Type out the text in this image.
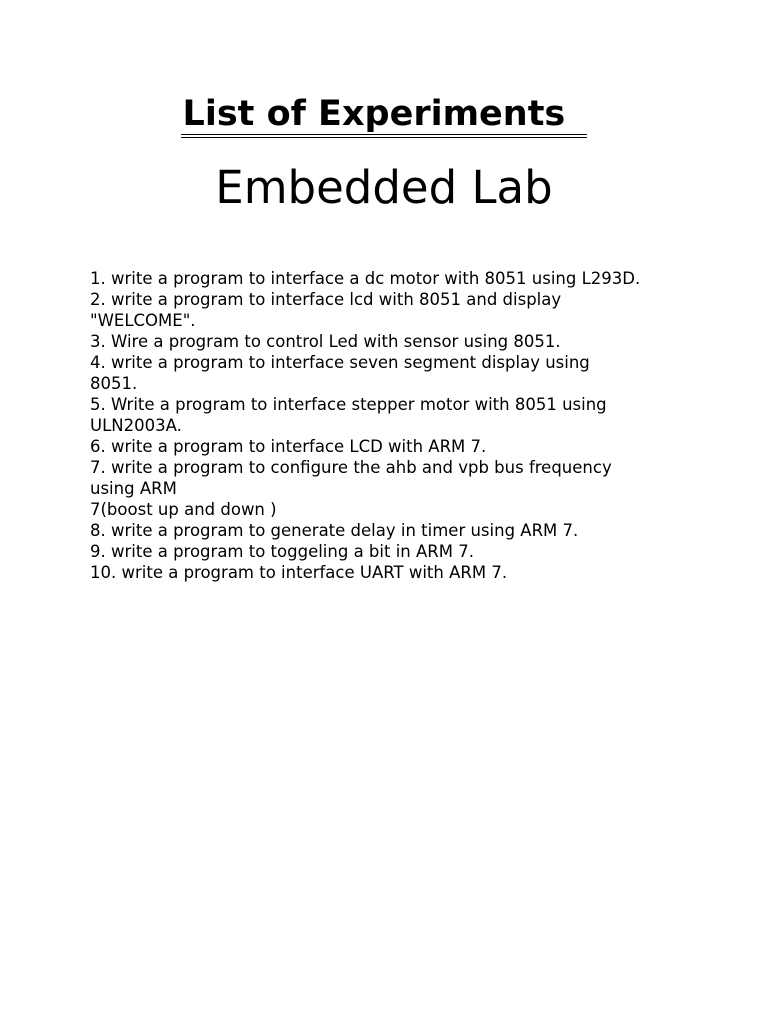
List of Experiments
Embedded Lab
1. write a program to interface a dc motor with 8051 using L293D.
2. write a program to interface lcd with 8051 and display
"WELCOME".
3. Wire a program to control Led with sensor using 8051.
4. write a program to interface seven segment display using
8051.
5. Write a program to interface stepper motor with 8051 using
ULN2003A.
6. write a program to interface LCD with ARM 7.
7. write a program to configure the ahb and vpb bus frequency
using ARM
7(boost up and down )
8. write a program to generate delay in timer using ARM 7.
9. write a program to toggeling a bit in ARM 7.
10. write a program to interface UART with ARM 7.
